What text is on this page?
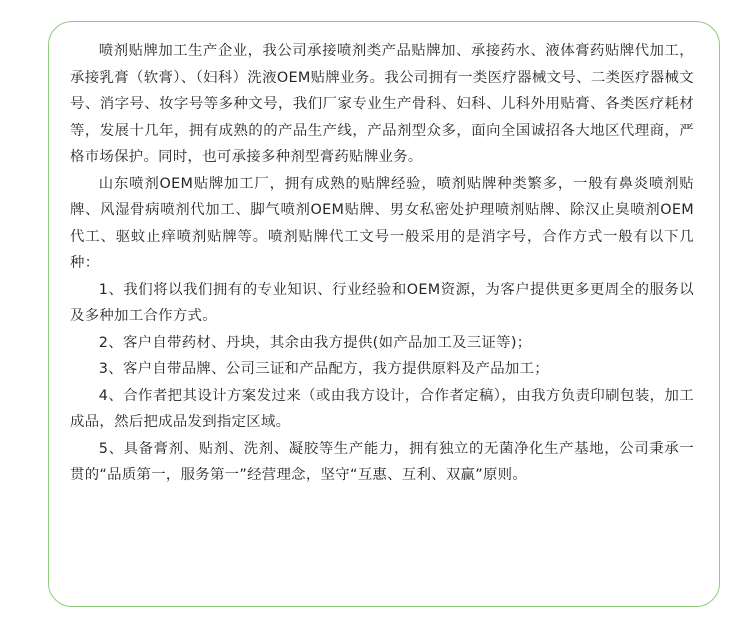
喷剂贴牌加工生产企业，我公司承接喷剂类产品贴牌加、承接药水、液体膏药贴牌代加工，承接乳膏（软膏）、（妇科）洗液OEM贴牌业务。我公司拥有一类医疗器械文号、二类医疗器械文号、消字号、妆字号等多种文号，我们厂家专业生产骨科、妇科、儿科外用贴膏、各类医疗耗材等，发展十几年，拥有成熟的的产品生产线，产品剂型众多，面向全国诚招各大地区代理商，严格市场保护。同时，也可承接多种剂型膏药贴牌业务。

山东喷剂OEM贴牌加工厂，拥有成熟的贴牌经验，喷剂贴牌种类繁多，一般有鼻炎喷剂贴牌、风湿骨病喷剂代加工、脚气喷剂OEM贴牌、男女私密处护理喷剂贴牌、除汉止臭喷剂OEM代工、驱蚊止痒喷剂贴牌等。喷剂贴牌代工文号一般采用的是消字号，合作方式一般有以下几种：

1、我们将以我们拥有的专业知识、行业经验和OEM资源，为客户提供更多更周全的服务以及多种加工合作方式。

2、客户自带药材、丹块，其余由我方提供(如产品加工及三证等)；

3、客户自带品牌、公司三证和产品配方，我方提供原料及产品加工；

4、合作者把其设计方案发过来（或由我方设计，合作者定稿），由我方负责印刷包装，加工成品，然后把成品发到指定区域。

5、具备膏剂、贴剂、洗剂、凝胶等生产能力，拥有独立的无菌净化生产基地，公司秉承一贯的“品质第一，服务第一”经营理念，坚守“互惠、互利、双赢”原则。
